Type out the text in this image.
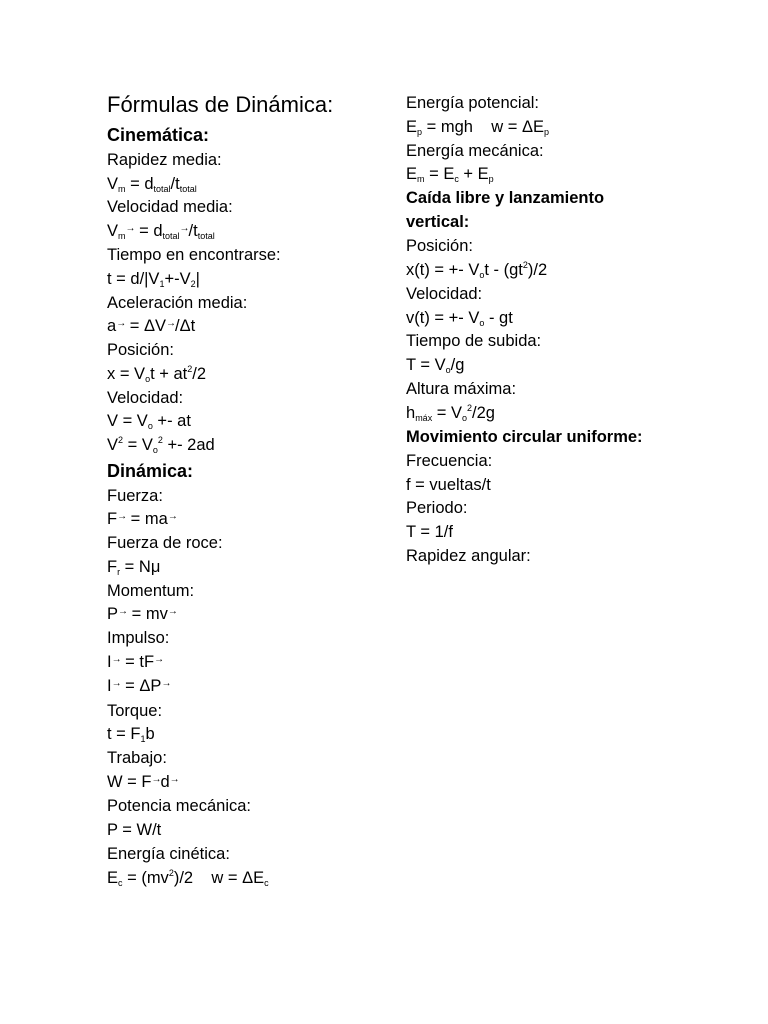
Fórmulas de Dinámica:
Cinemática:
Rapidez media:
Vm = dtotal/ttotal
Velocidad media:
Vm→ = dtotal→/ttotal
Tiempo en encontrarse:
t = d/|V1+-V2|
Aceleración media:
a→ = ΔV→/Δt
Posición:
x = Vot + $at^2/2$
Velocidad:
V = Vo +- at
$V^2 = Vo^2 +- 2ad$
Dinámica:
Fuerza:
F→ = ma→
Fuerza de roce:
Fr = Nμ
Momentum:
P→ = mv→
Impulso:
I→ = tF→
I→ = ΔP→
Torque:
t = F1b
Trabajo:
W = F→d→
Potencia mecánica:
P = W/t
Energía cinética:
$Ec = (mv^2)/2$    w = ΔEc
Energía potencial:
Ep = mgh    w = ΔEp
Energía mecánica:
Em = Ec + Ep
Caída libre y lanzamiento
vertical:
Posición:
x(t) = +- Vot - $(gt^2)/2$
Velocidad:
v(t) = +- Vo - gt
Tiempo de subida:
T = Vo/g
Altura máxima:
hmáx = $Vo^2/2g$
Movimiento circular uniforme:
Frecuencia:
f = vueltas/t
Periodo:
T = 1/f
Rapidez angular:
